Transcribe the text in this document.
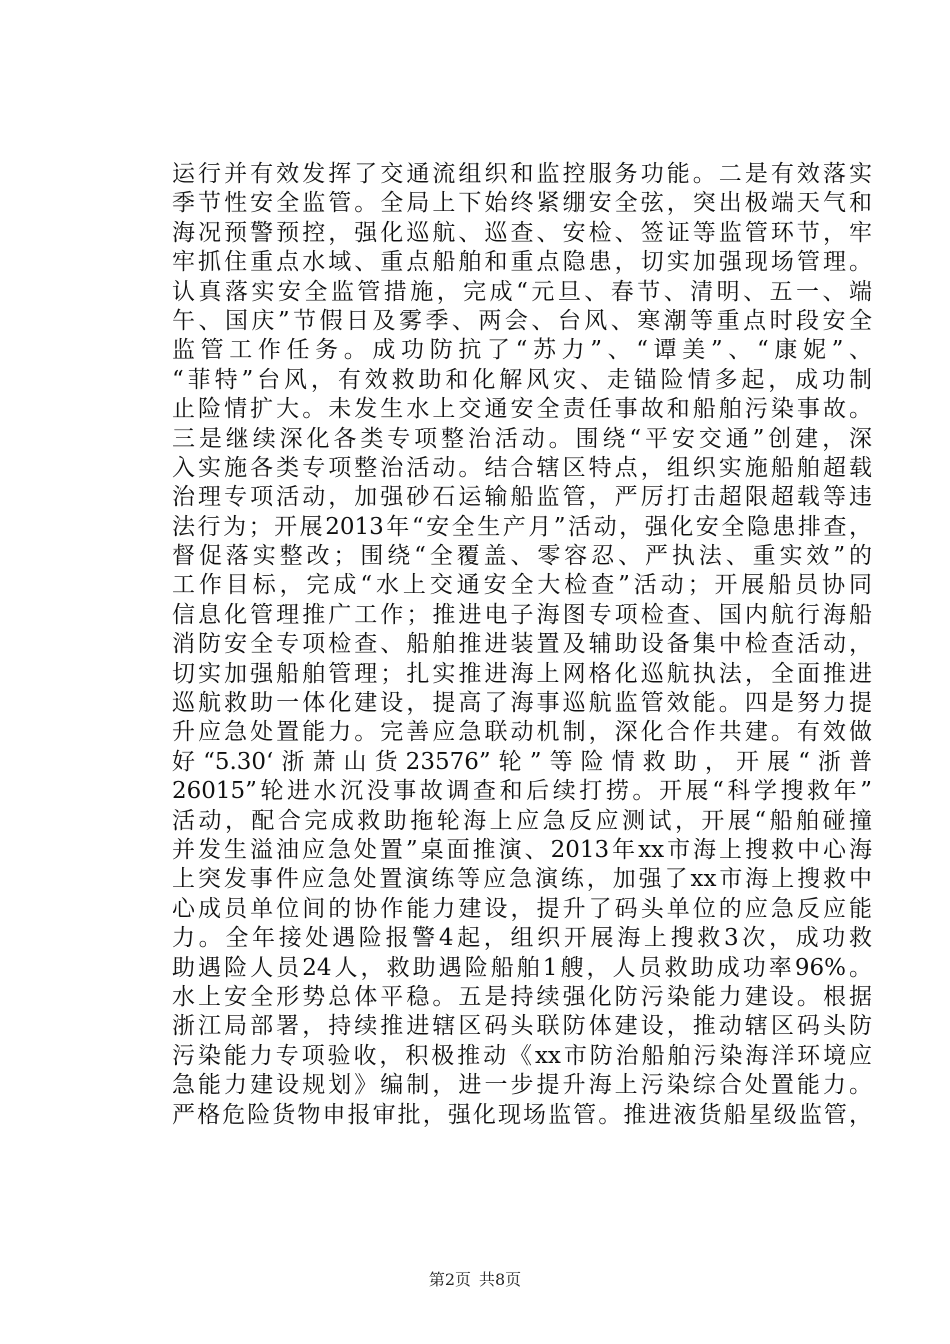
运行并有效发挥了交通流组织和监控服务功能。二是有效落实
季节性安全监管。全局上下始终紧绷安全弦，突出极端天气和
海况预警预控，强化巡航、巡查、安检、签证等监管环节，牢
牢抓住重点水域、重点船舶和重点隐患，切实加强现场管理。
认真落实安全监管措施，完成“元旦、春节、清明、五一、端
午、国庆”节假日及雾季、两会、台风、寒潮等重点时段安全
监管工作任务。成功防抗了“苏力”、“谭美”、“康妮”、
“菲特”台风，有效救助和化解风灾、走锚险情多起，成功制
止险情扩大。未发生水上交通安全责任事故和船舶污染事故。
三是继续深化各类专项整治活动。围绕“平安交通”创建，深
入实施各类专项整治活动。结合辖区特点，组织实施船舶超载
治理专项活动，加强砂石运输船监管，严厉打击超限超载等违
法行为；开展2013年“安全生产月”活动，强化安全隐患排查，
督促落实整改；围绕“全覆盖、零容忍、严执法、重实效”的
工作目标，完成“水上交通安全大检查”活动；开展船员协同
信息化管理推广工作；推进电子海图专项检查、国内航行海船
消防安全专项检查、船舶推进装置及辅助设备集中检查活动，
切实加强船舶管理；扎实推进海上网格化巡航执法，全面推进
巡航救助一体化建设，提高了海事巡航监管效能。四是努力提
升应急处置能力。完善应急联动机制，深化合作共建。有效做
好“5.30‘浙萧山货23576”轮”等险情救助，开展“浙普
26015”轮进水沉没事故调查和后续打捞。开展“科学搜救年”
活动，配合完成救助拖轮海上应急反应测试，开展“船舶碰撞
并发生溢油应急处置”桌面推演、2013年xx市海上搜救中心海
上突发事件应急处置演练等应急演练，加强了xx市海上搜救中
心成员单位间的协作能力建设，提升了码头单位的应急反应能
力。全年接处遇险报警4起，组织开展海上搜救3次，成功救
助遇险人员24人，救助遇险船舶1艘，人员救助成功率96%。
水上安全形势总体平稳。五是持续强化防污染能力建设。根据
浙江局部署，持续推进辖区码头联防体建设，推动辖区码头防
污染能力专项验收，积极推动《xx市防治船舶污染海洋环境应
急能力建设规划》编制，进一步提升海上污染综合处置能力。
严格危险货物申报审批，强化现场监管。推进液货船星级监管，
第2页 共8页
